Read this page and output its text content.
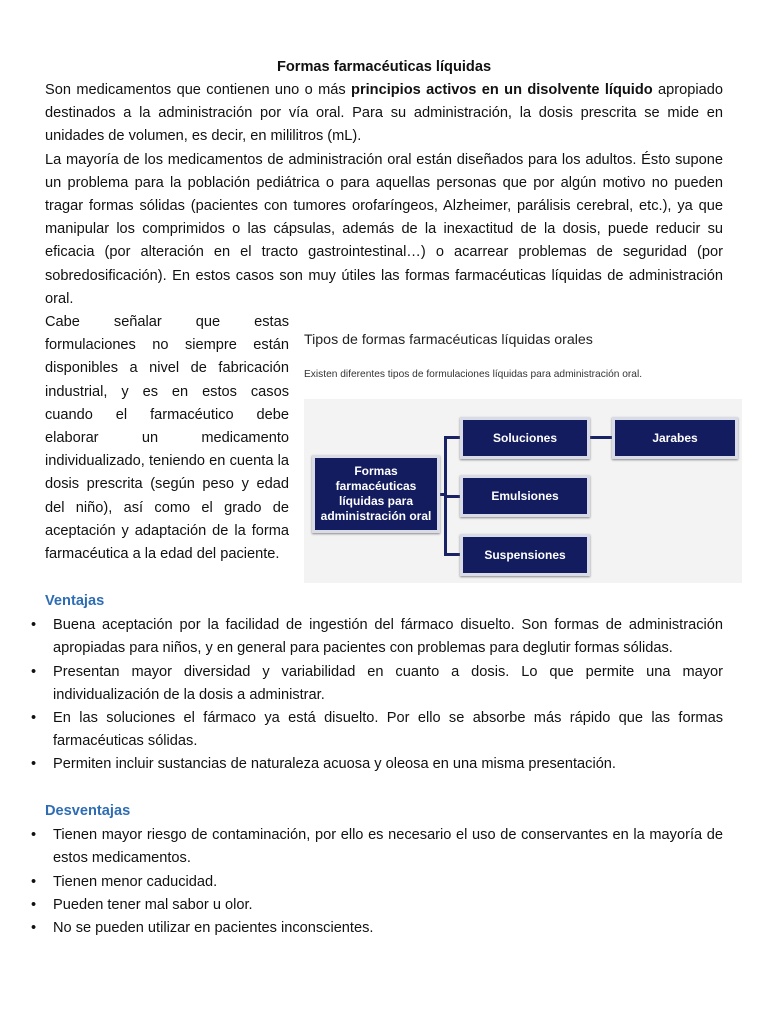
Formas farmacéuticas líquidas

Son medicamentos que contienen uno o más principios activos en un disolvente líquido apropiado destinados a la administración por vía oral. Para su administración, la dosis prescrita se mide en unidades de volumen, es decir, en mililitros (mL).

La mayoría de los medicamentos de administración oral están diseñados para los adultos. Ésto supone un problema para la población pediátrica o para aquellas personas que por algún motivo no pueden tragar formas sólidas (pacientes con tumores orofaríngeos, Alzheimer, parálisis cerebral, etc.), ya que manipular los comprimidos o las cápsulas, además de la inexactitud de la dosis, puede reducir su eficacia (por alteración en el tracto gastrointestinal…) o acarrear problemas de seguridad (por sobredosificación). En estos casos son muy útiles las formas farmacéuticas líquidas de administración oral.

Cabe señalar que estas formulaciones no siempre están disponibles a nivel de fabricación industrial, y es en estos casos cuando el farmacéutico debe elaborar un medicamento individualizado, teniendo en cuenta la dosis prescrita (según peso y edad del niño), así como el grado de aceptación y adaptación de la forma farmacéutica a la edad del paciente.
Tipos de formas farmacéuticas líquidas orales
Existen diferentes tipos de formulaciones líquidas para administración oral.
Formas farmacéuticas líquidas para administración oral
Soluciones	Jarabes
Emulsiones
Suspensiones
Ventajas
• Buena aceptación por la facilidad de ingestión del fármaco disuelto. Son formas de administración apropiadas para niños, y en general para pacientes con problemas para deglutir formas sólidas.
• Presentan mayor diversidad y variabilidad en cuanto a dosis. Lo que permite una mayor individualización de la dosis a administrar.
• En las soluciones el fármaco ya está disuelto. Por ello se absorbe más rápido que las formas farmacéuticas sólidas.
• Permiten incluir sustancias de naturaleza acuosa y oleosa en una misma presentación.
Desventajas
• Tienen mayor riesgo de contaminación, por ello es necesario el uso de conservantes en la mayoría de estos medicamentos.
• Tienen menor caducidad.
• Pueden tener mal sabor u olor.
• No se pueden utilizar en pacientes inconscientes.
